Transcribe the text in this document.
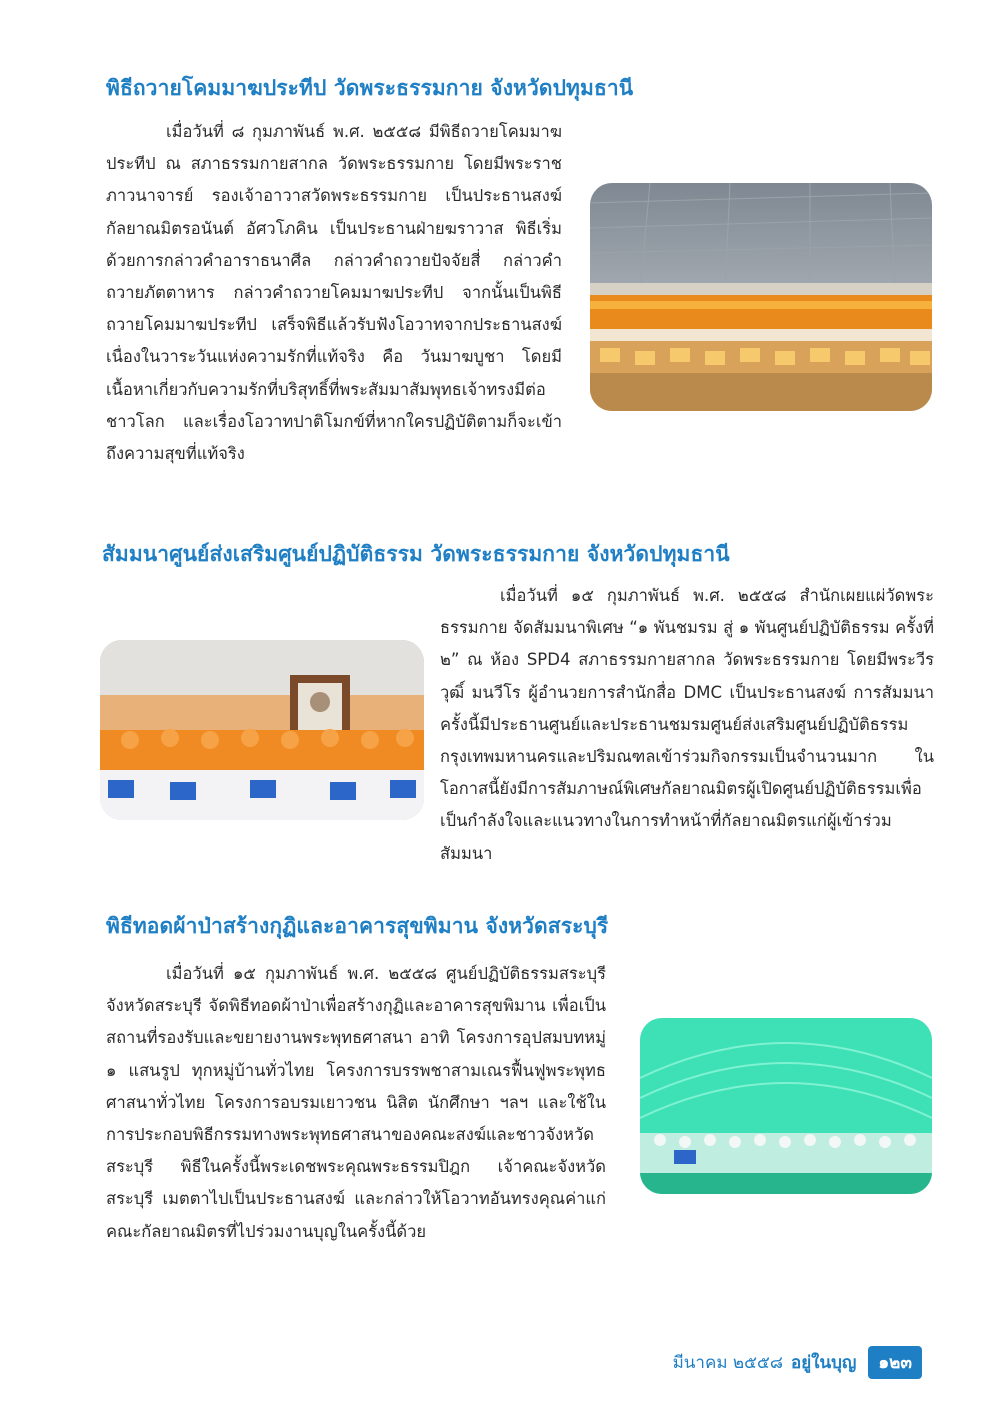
พิธีถวายโคมมาฆประทีป วัดพระธรรมกาย จังหวัดปทุมธานี

เมื่อวันที่ ๘ กุมภาพันธ์ พ.ศ. ๒๕๕๘ มีพิธีถวายโคมมาฆประทีป ณ สภาธรรมกายสากล วัดพระธรรมกาย โดยมีพระราชภาวนาจารย์ รองเจ้าอาวาสวัดพระธรรมกาย เป็นประธานสงฆ์ กัลยาณมิตรอนันต์ อัศวโภคิน เป็นประธานฝ่ายฆราวาส พิธีเริ่มด้วยการกล่าวคำอาราธนาศีล กล่าวคำถวายปัจจัยสี่ กล่าวคำถวายภัตตาหาร กล่าวคำถวายโคมมาฆประทีป จากนั้นเป็นพิธีถวายโคมมาฆประทีป เสร็จพิธีแล้วรับฟังโอวาทจากประธานสงฆ์เนื่องในวาระวันแห่งความรักที่แท้จริง คือ วันมาฆบูชา โดยมีเนื้อหาเกี่ยวกับความรักที่บริสุทธิ์ที่พระสัมมาสัมพุทธเจ้าทรงมีต่อชาวโลก และเรื่องโอวาทปาติโมกข์ที่หากใครปฏิบัติตามก็จะเข้าถึงความสุขที่แท้จริง

สัมมนาศูนย์ส่งเสริมศูนย์ปฏิบัติธรรม วัดพระธรรมกาย จังหวัดปทุมธานี

เมื่อวันที่ ๑๕ กุมภาพันธ์ พ.ศ. ๒๕๕๘ สำนักเผยแผ่วัดพระธรรมกาย จัดสัมมนาพิเศษ “๑ พันชมรม สู่ ๑ พันศูนย์ปฏิบัติธรรม ครั้งที่ ๒” ณ ห้อง SPD4 สภาธรรมกายสากล วัดพระธรรมกาย โดยมีพระวีรวุฒิ์ มนวีโร ผู้อำนวยการสำนักสื่อ DMC เป็นประธานสงฆ์ การสัมมนาครั้งนี้มีประธานศูนย์และประธานชมรมศูนย์ส่งเสริมศูนย์ปฏิบัติธรรมกรุงเทพมหานครและปริมณฑลเข้าร่วมกิจกรรมเป็นจำนวนมาก ในโอกาสนี้ยังมีการสัมภาษณ์พิเศษกัลยาณมิตรผู้เปิดศูนย์ปฏิบัติธรรมเพื่อเป็นกำลังใจและแนวทางในการทำหน้าที่กัลยาณมิตรแก่ผู้เข้าร่วมสัมมนา

พิธีทอดผ้าป่าสร้างกุฏิและอาคารสุขพิมาน จังหวัดสระบุรี

เมื่อวันที่ ๑๕ กุมภาพันธ์ พ.ศ. ๒๕๕๘ ศูนย์ปฏิบัติธรรมสระบุรี จังหวัดสระบุรี จัดพิธีทอดผ้าป่าเพื่อสร้างกุฏิและอาคารสุขพิมาน เพื่อเป็นสถานที่รองรับและขยายงานพระพุทธศาสนา อาทิ โครงการอุปสมบทหมู่ ๑ แสนรูป ทุกหมู่บ้านทั่วไทย โครงการบรรพชาสามเณรฟื้นฟูพระพุทธศาสนาทั่วไทย โครงการอบรมเยาวชน นิสิต นักศึกษา ฯลฯ และใช้ในการประกอบพิธีกรรมทางพระพุทธศาสนาของคณะสงฆ์และชาวจังหวัดสระบุรี พิธีในครั้งนี้พระเดชพระคุณพระธรรมปิฎก เจ้าคณะจังหวัดสระบุรี เมตตาไปเป็นประธานสงฆ์ และกล่าวให้โอวาทอันทรงคุณค่าแก่คณะกัลยาณมิตรที่ไปร่วมงานบุญในครั้งนี้ด้วย

มีนาคม ๒๕๕๘ อยู่ในบุญ	๑๒๓
